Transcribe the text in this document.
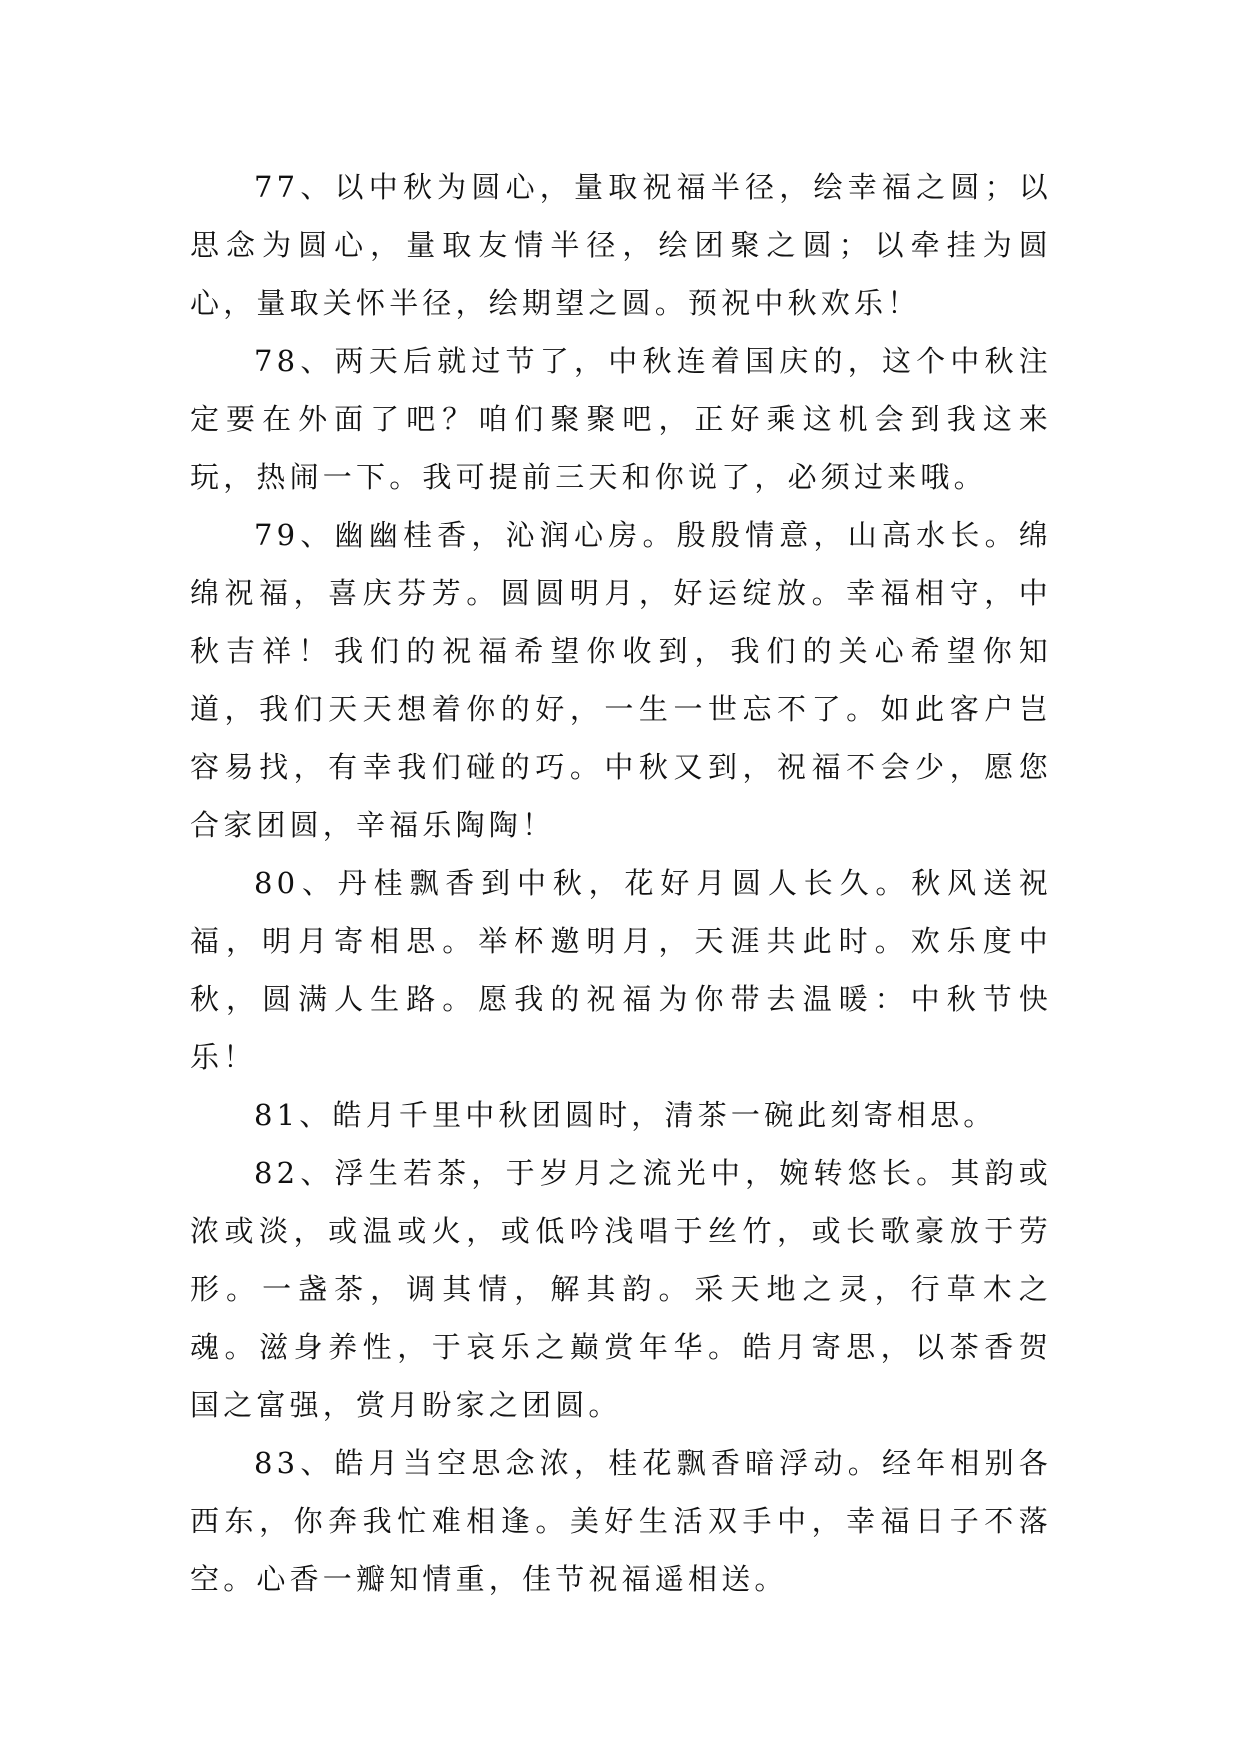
77、以中秋为圆心，量取祝福半径，绘幸福之圆；以思念为圆心，量取友情半径，绘团聚之圆；以牵挂为圆心，量取关怀半径，绘期望之圆。预祝中秋欢乐！

78、两天后就过节了，中秋连着国庆的，这个中秋注定要在外面了吧？咱们聚聚吧，正好乘这机会到我这来玩，热闹一下。我可提前三天和你说了，必须过来哦。

79、幽幽桂香，沁润心房。殷殷情意，山高水长。绵绵祝福，喜庆芬芳。圆圆明月，好运绽放。幸福相守，中秋吉祥！我们的祝福希望你收到，我们的关心希望你知道，我们天天想着你的好，一生一世忘不了。如此客户岂容易找，有幸我们碰的巧。中秋又到，祝福不会少，愿您合家团圆，辛福乐陶陶！

80、丹桂飘香到中秋，花好月圆人长久。秋风送祝福，明月寄相思。举杯邀明月，天涯共此时。欢乐度中秋，圆满人生路。愿我的祝福为你带去温暖：中秋节快乐！

81、皓月千里中秋团圆时，清茶一碗此刻寄相思。

82、浮生若茶，于岁月之流光中，婉转悠长。其韵或浓或淡，或温或火，或低吟浅唱于丝竹，或长歌豪放于劳形。一盏茶，调其情，解其韵。采天地之灵，行草木之魂。滋身养性，于哀乐之巅赏年华。皓月寄思，以茶香贺国之富强，赏月盼家之团圆。

83、皓月当空思念浓，桂花飘香暗浮动。经年相别各西东，你奔我忙难相逢。美好生活双手中，幸福日子不落空。心香一瓣知情重，佳节祝福遥相送。
